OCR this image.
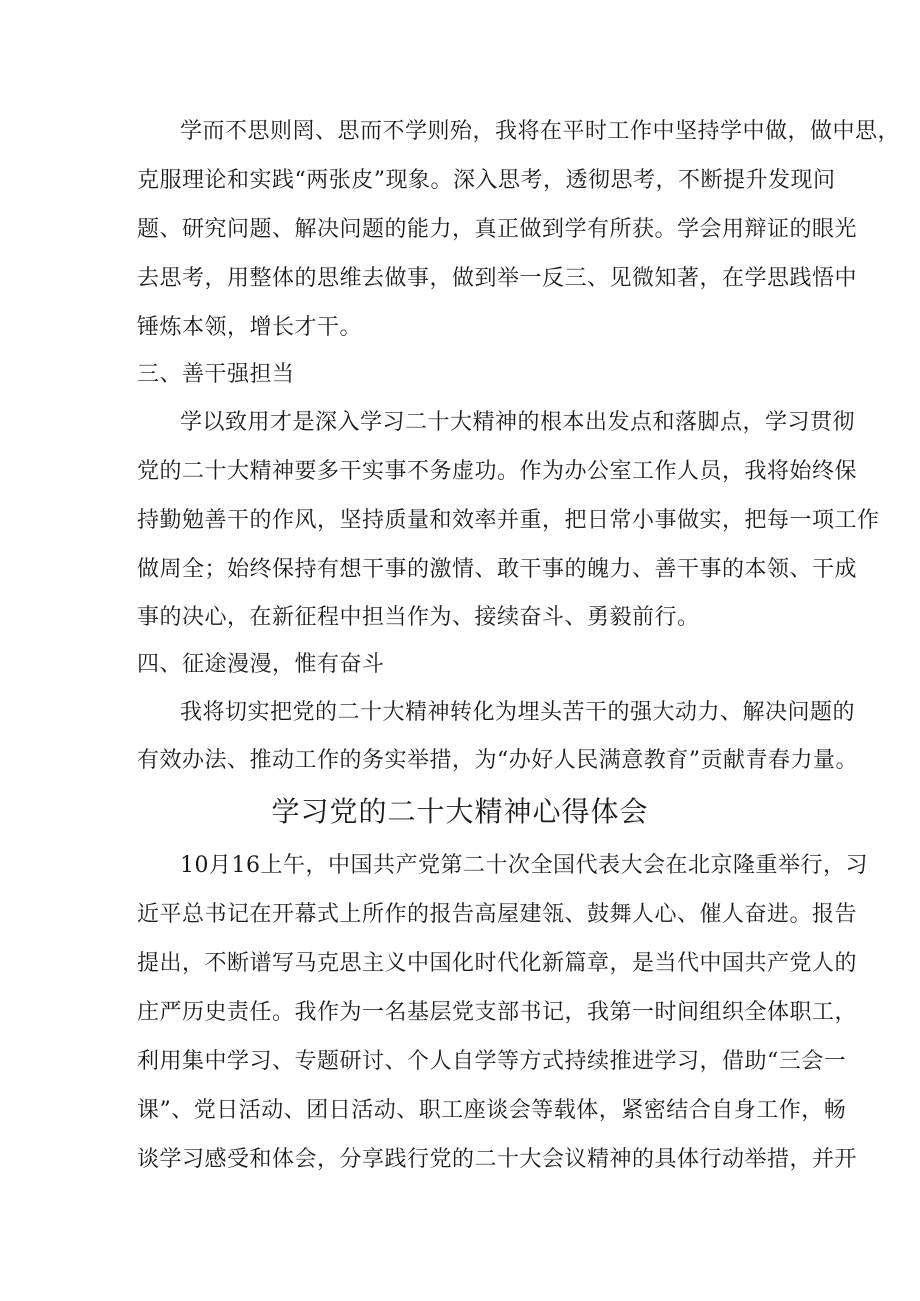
学而不思则罔、思而不学则殆，我将在平时工作中坚持学中做，做中思，
克服理论和实践“两张皮”现象。深入思考，透彻思考，不断提升发现问
题、研究问题、解决问题的能力，真正做到学有所获。学会用辩证的眼光
去思考，用整体的思维去做事，做到举一反三、见微知著，在学思践悟中
锤炼本领，增长才干。
三、善干强担当
学以致用才是深入学习二十大精神的根本出发点和落脚点，学习贯彻
党的二十大精神要多干实事不务虚功。作为办公室工作人员，我将始终保
持勤勉善干的作风，坚持质量和效率并重，把日常小事做实，把每一项工作
做周全；始终保持有想干事的激情、敢干事的魄力、善干事的本领、干成
事的决心，在新征程中担当作为、接续奋斗、勇毅前行。
四、征途漫漫，惟有奋斗
我将切实把党的二十大精神转化为埋头苦干的强大动力、解决问题的
有效办法、推动工作的务实举措，为“办好人民满意教育”贡献青春力量。
学习党的二十大精神心得体会
10月16上午，中国共产党第二十次全国代表大会在北京隆重举行，习
近平总书记在开幕式上所作的报告高屋建瓴、鼓舞人心、催人奋进。报告
提出，不断谱写马克思主义中国化时代化新篇章，是当代中国共产党人的
庄严历史责任。我作为一名基层党支部书记，我第一时间组织全体职工，
利用集中学习、专题研讨、个人自学等方式持续推进学习，借助“三会一
课”、党日活动、团日活动、职工座谈会等载体，紧密结合自身工作，畅
谈学习感受和体会，分享践行党的二十大会议精神的具体行动举措，并开
